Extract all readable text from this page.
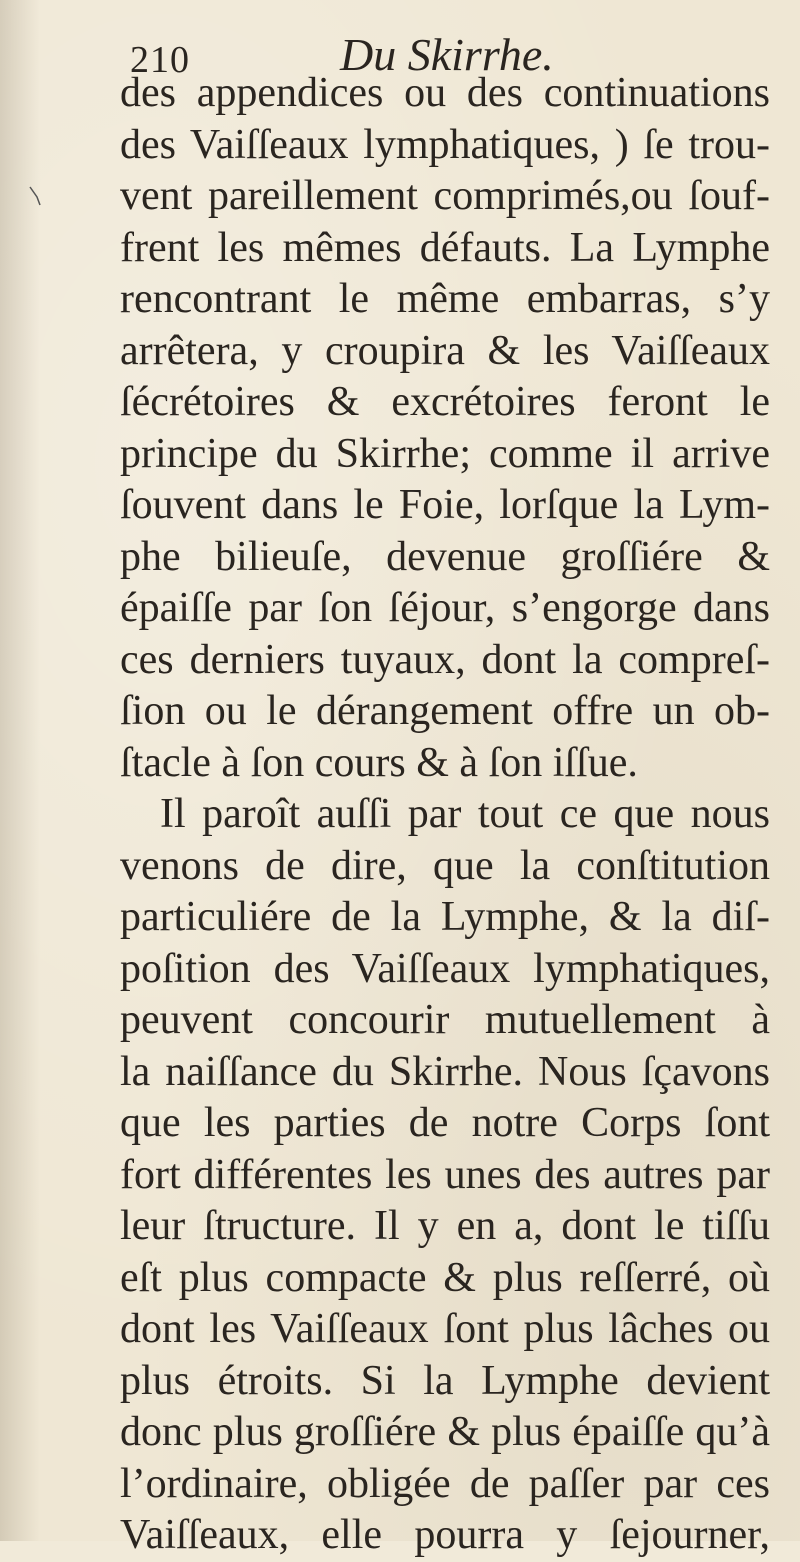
210	Du Skirrhe.
des appendices ou des continuations
des Vaiſſeaux lymphatiques, ) ſe trou-
vent pareillement comprimés,ou ſouf-
frent les mêmes défauts. La Lymphe
rencontrant le même embarras, s’y
arrêtera, y croupira & les Vaiſſeaux
ſécrétoires & excrétoires feront le
principe du Skirrhe; comme il arrive
ſouvent dans le Foie, lorſque la Lym-
phe bilieuſe, devenue groſſiére &
épaiſſe par ſon ſéjour, s’engorge dans
ces derniers tuyaux, dont la compreſ-
ſion ou le dérangement offre un ob-
ſtacle à ſon cours & à ſon iſſue.
Il paroît auſſi par tout ce que nous
venons de dire, que la conſtitution
particuliére de la Lymphe, & la diſ-
poſition des Vaiſſeaux lymphatiques,
peuvent concourir mutuellement à
la naiſſance du Skirrhe. Nous ſçavons
que les parties de notre Corps ſont
fort différentes les unes des autres par
leur ſtructure. Il y en a, dont le tiſſu
eſt plus compacte & plus reſſerré, où
dont les Vaiſſeaux ſont plus lâches ou
plus étroits. Si la Lymphe devient
donc plus groſſiére & plus épaiſſe qu’à
l’ordinaire, obligée de paſſer par ces
Vaiſſeaux, elle pourra y ſejourner,
